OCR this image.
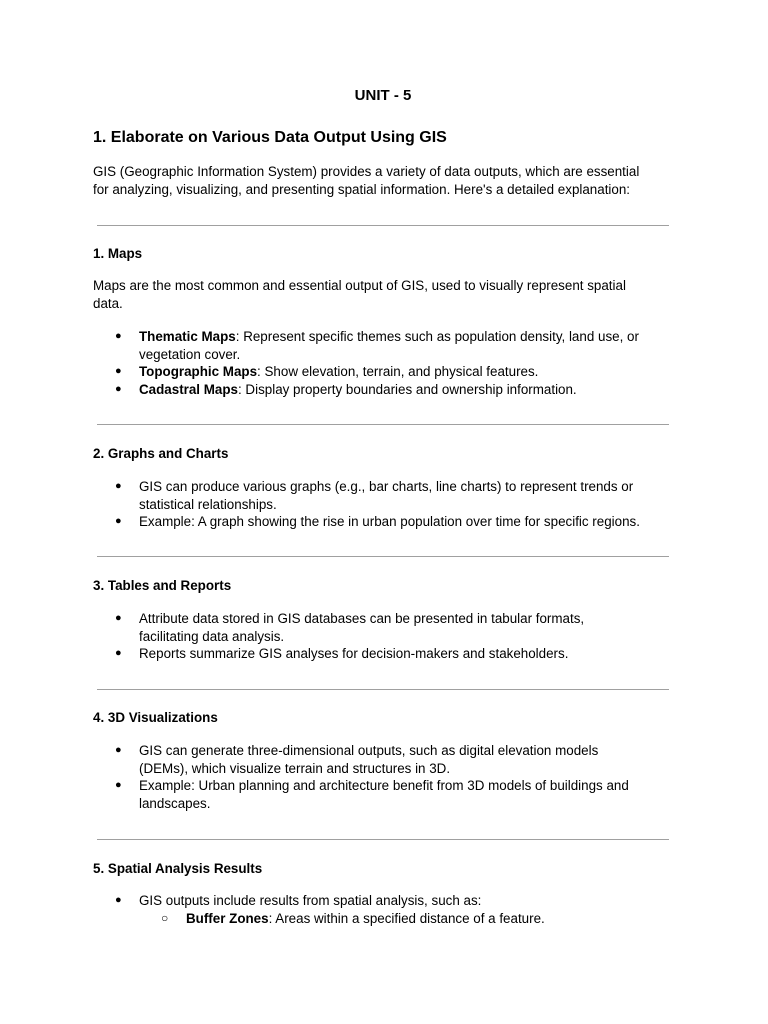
UNIT - 5
1. Elaborate on Various Data Output Using GIS
GIS (Geographic Information System) provides a variety of data outputs, which are essential
for analyzing, visualizing, and presenting spatial information. Here's a detailed explanation:
1. Maps
Maps are the most common and essential output of GIS, used to visually represent spatial
data.
● Thematic Maps: Represent specific themes such as population density, land use, or
vegetation cover.
● Topographic Maps: Show elevation, terrain, and physical features.
● Cadastral Maps: Display property boundaries and ownership information.
2. Graphs and Charts
● GIS can produce various graphs (e.g., bar charts, line charts) to represent trends or
statistical relationships.
● Example: A graph showing the rise in urban population over time for specific regions.
3. Tables and Reports
● Attribute data stored in GIS databases can be presented in tabular formats,
facilitating data analysis.
● Reports summarize GIS analyses for decision-makers and stakeholders.
4. 3D Visualizations
● GIS can generate three-dimensional outputs, such as digital elevation models
(DEMs), which visualize terrain and structures in 3D.
● Example: Urban planning and architecture benefit from 3D models of buildings and
landscapes.
5. Spatial Analysis Results
● GIS outputs include results from spatial analysis, such as:
○ Buffer Zones: Areas within a specified distance of a feature.
